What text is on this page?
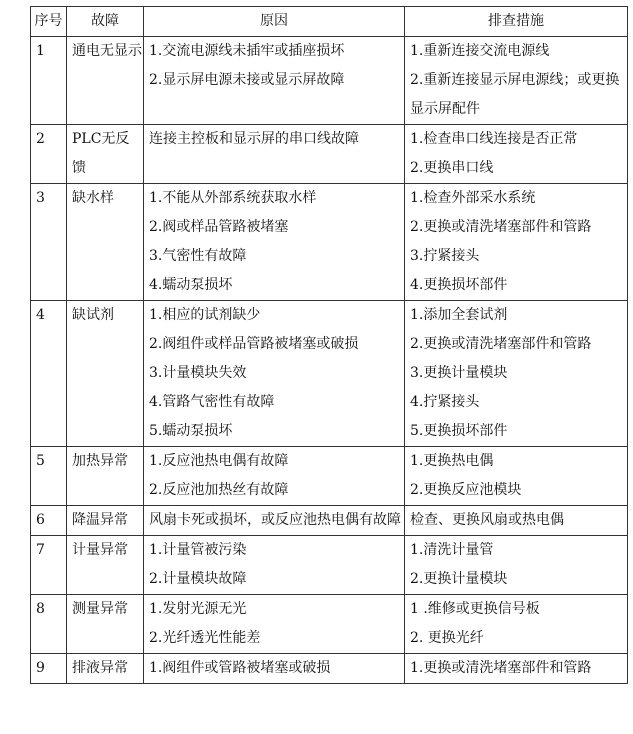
序号	故障	原因	排查措施
1	通电无显示	1.交流电源线未插牢或插座损坏
2.显示屏电源未接或显示屏故障	1.重新连接交流电源线
2.重新连接显示屏电源线；或更换显示屏配件

2	PLC无反馈	连接主控板和显示屏的串口线故障	1.检查串口线连接是否正常
2.更换串口线

3	缺水样	1.不能从外部系统获取水样
2.阀或样品管路被堵塞
3.气密性有故障
4.蠕动泵损坏	1.检查外部采水系统
2.更换或清洗堵塞部件和管路
3.拧紧接头
4.更换损坏部件

4	缺试剂	1.相应的试剂缺少
2.阀组件或样品管路被堵塞或破损
3.计量模块失效
4.管路气密性有故障
5.蠕动泵损坏	1.添加全套试剂
2.更换或清洗堵塞部件和管路
3.更换计量模块
4.拧紧接头
5.更换损坏部件

5	加热异常	1.反应池热电偶有故障
2.反应池加热丝有故障	1.更换热电偶
2.更换反应池模块

6	降温异常	风扇卡死或损坏，或反应池热电偶有故障	检查、更换风扇或热电偶

7	计量异常	1.计量管被污染
2.计量模块故障	1.清洗计量管
2.更换计量模块

8	测量异常	1.发射光源无光
2.光纤透光性能差	1 .维修或更换信号板
2. 更换光纤

9	排液异常	1.阀组件或管路被堵塞或破损	1.更换或清洗堵塞部件和管路
